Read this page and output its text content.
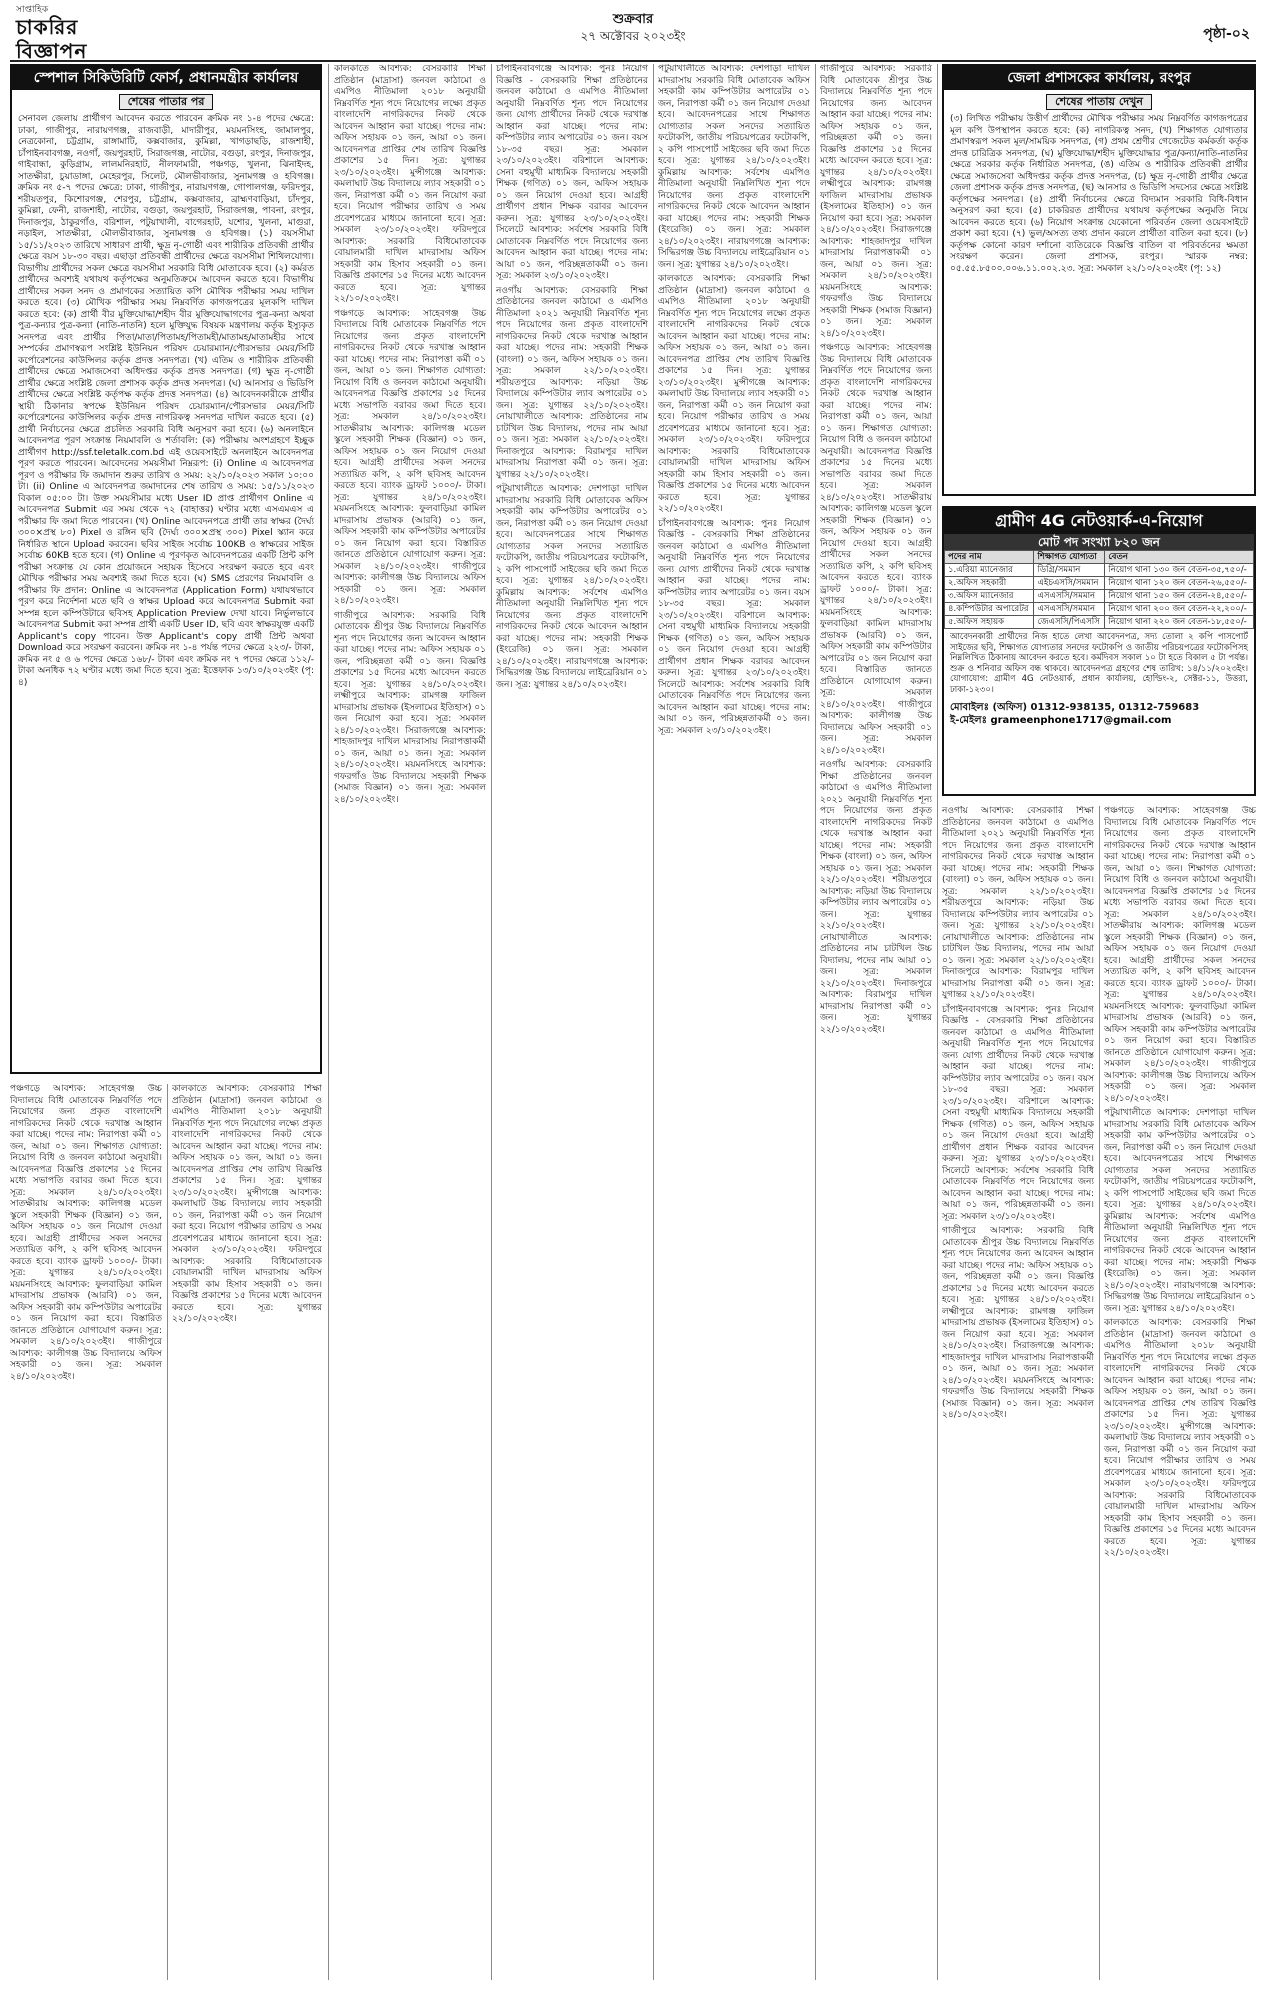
সাপ্তাহিক
চাকরির বিজ্ঞাপন
শুক্রবার
২৭ অক্টোবর ২০২৩ইং	পৃষ্ঠা-০২
স্পেশাল সিকিউরিটি ফোর্স, প্রধানমন্ত্রীর কার্যালয়
শেষের পাতার পর

সেনাবল জেলায় প্রার্থীগণ আবেদন করতে পারবেন ক্রমিক নং ১-৪ পদের ক্ষেত্রে: ঢাকা, গাজীপুর, নারায়ণগঞ্জ, রাজবাড়ী, মাদারীপুর, ময়মনসিংহ, জামালপুর, নেত্রকোনা, চট্টগ্রাম, রাঙ্গামাটি, কক্সবাজার, কুমিল্লা, খাগড়াছড়ি, রাজশাহী, চাঁপাইনবাবগঞ্জ, নওগাঁ, জয়পুরহাট, সিরাজগঞ্জ, নাটোর, বগুড়া, রংপুর, দিনাজপুর, গাইবান্ধা, কুড়িগ্রাম, লালমনিরহাট, নীলফামারী, পঞ্চগড়, খুলনা, ঝিনাইদহ, সাতক্ষীরা, চুয়াডাঙ্গা, মেহেরপুর, সিলেট, মৌলভীবাজার, সুনামগঞ্জ ও হবিগঞ্জ। ক্রমিক নং ৫-৭ পদের ক্ষেত্রে: ঢাকা, গাজীপুর, নারায়ণগঞ্জ, গোপালগঞ্জ, ফরিদপুর, শরীয়তপুর, কিশোরগঞ্জ, শেরপুর, চট্টগ্রাম, কক্সবাজার, ব্রাহ্মণবাড়িয়া, চাঁদপুর, কুমিল্লা, ফেনী, রাজশাহী, নাটোর, বগুড়া, জয়পুরহাট, সিরাজগঞ্জ, পাবনা, রংপুর, দিনাজপুর, ঠাকুরগাঁও, বরিশাল, পটুয়াখালী, বাগেরহাট, যশোর, খুলনা, মাগুরা, নড়াইল, সাতক্ষীরা, মৌলভীবাজার, সুনামগঞ্জ ও হবিগঞ্জ। (১) বয়সসীমা ১৫/১১/২০২৩ তারিখে সাধারণ প্রার্থী, ক্ষুদ্র নৃ-গোষ্ঠী এবং শারীরিক প্রতিবন্ধী প্রার্থীর ক্ষেত্রে বয়স ১৮-৩০ বছর। এছাড়া প্রতিবন্ধী প্রার্থীদের ক্ষেত্রে বয়সসীমা শিথিলযোগ্য। বিভাগীয় প্রার্থীদের সকল ক্ষেত্রে বয়সসীমা সরকারি বিধি মোতাবেক হবে। (২) কর্মরত প্রার্থীদের অবশ্যই যথাযথ কর্তৃপক্ষের অনুমতিক্রমে আবেদন করতে হবে। বিভাগীয় প্রার্থীদের সকল সনদ ও প্রমাণকের সত্যায়িত কপি মৌখিক পরীক্ষার সময় দাখিল করতে হবে। (৩) মৌখিক পরীক্ষার সময় নিম্নবর্ণিত কাগজপত্রের মূলকপি দাখিল করতে হবে: (ক) প্রার্থী বীর মুক্তিযোদ্ধা/শহীদ বীর মুক্তিযোদ্ধাগণের পুত্র-কন্যা অথবা পুত্র-কন্যার পুত্র-কন্যা (নাতি-নাতনি) হলে মুক্তিযুদ্ধ বিষয়ক মন্ত্রণালয় কর্তৃক ইস্যুকৃত সনদপত্র এবং প্রার্থীর পিতা/মাতা/পিতামহ/পিতামহী/মাতামহ/মাতামহীর সাথে সম্পর্কের প্রমাণস্বরূপ সংশ্লিষ্ট ইউনিয়ন পরিষদ চেয়ারম্যান/পৌরসভার মেয়র/সিটি কর্পোরেশনের কাউন্সিলর কর্তৃক প্রদত্ত সনদপত্র। (খ) এতিম ও শারীরিক প্রতিবন্ধী প্রার্থীদের ক্ষেত্রে সমাজসেবা অধিদপ্তর কর্তৃক প্রদত্ত সনদপত্র। (গ) ক্ষুদ্র নৃ-গোষ্ঠী প্রার্থীর ক্ষেত্রে সংশ্লিষ্ট জেলা প্রশাসক কর্তৃক প্রদত্ত সনদপত্র। (ঘ) আনসার ও ভিডিপি প্রার্থীদের ক্ষেত্রে সংশ্লিষ্ট কর্তৃপক্ষ কর্তৃক প্রদত্ত সনদপত্র। (৪) আবেদনকারীকে প্রার্থীর স্থায়ী ঠিকানার স্বপক্ষে ইউনিয়ন পরিষদ চেয়ারম্যান/পৌরসভার মেয়র/সিটি কর্পোরেশনের কাউন্সিলর কর্তৃক প্রদত্ত নাগরিকত্ব সনদপত্র দাখিল করতে হবে। (৫) প্রার্থী নির্বাচনের ক্ষেত্রে প্রচলিত সরকারি বিধি অনুসরণ করা হবে। (৬) অনলাইনে আবেদনপত্র পূরণ সংক্রান্ত নিয়মাবলি ও শর্তাবলি: (ক) পরীক্ষায় অংশগ্রহণে ইচ্ছুক প্রার্থীগণ http://ssf.teletalk.com.bd এই ওয়েবসাইটে অনলাইনে আবেদনপত্র পূরণ করতে পারবেন। আবেদনের সময়সীমা নিম্নরূপ: (i) Online এ আবেদনপত্র পূরণ ও পরীক্ষার ফি জমাদান শুরুর তারিখ ও সময়: ২২/১০/২০২৩ সকাল ১০:০০ টা। (ii) Online এ আবেদনপত্র জমাদানের শেষ তারিখ ও সময়: ১৫/১১/২০২৩ বিকাল ০৫:০০ টা। উক্ত সময়সীমার মধ্যে User ID প্রাপ্ত প্রার্থীগণ Online এ আবেদনপত্র Submit এর সময় থেকে ৭২ (বাহাত্তর) ঘণ্টার মধ্যে এসএমএস এ পরীক্ষার ফি জমা দিতে পারবেন। (খ) Online আবেদনপত্রে প্রার্থী তার স্বাক্ষর (দৈর্ঘ্য ৩০০×প্রস্থ ৮০) Pixel ও রঙ্গিন ছবি (দৈর্ঘ্য ৩০০×প্রস্থ ৩০০) Pixel স্ক্যান করে নির্ধারিত স্থানে Upload করবেন। ছবির সাইজ সর্বোচ্চ 100KB ও স্বাক্ষরের সাইজ সর্বোচ্চ 60KB হতে হবে। (গ) Online এ পূরণকৃত আবেদনপত্রের একটি প্রিন্ট কপি পরীক্ষা সংক্রান্ত যে কোন প্রয়োজনে সহায়ক হিসেবে সংরক্ষণ করতে হবে এবং মৌখিক পরীক্ষার সময় অবশ্যই জমা দিতে হবে। (ঘ) SMS প্রেরণের নিয়মাবলি ও পরীক্ষার ফি প্রদান: Online এ আবেদনপত্র (Application Form) যথাযথভাবে পূরণ করে নির্দেশনা মতে ছবি ও স্বাক্ষর Upload করে আবেদনপত্র Submit করা সম্পন্ন হলে কম্পিউটারে ছবিসহ Application Preview দেখা যাবে। নির্ভুলভাবে আবেদনপত্র Submit করা সম্পন্ন প্রার্থী একটি User ID, ছবি এবং স্বাক্ষরযুক্ত একটি Applicant's copy পাবেন। উক্ত Applicant's copy প্রার্থী প্রিন্ট অথবা Download করে সংরক্ষণ করবেন। ক্রমিক নং ১-৪ পর্যন্ত পদের ক্ষেত্রে ২২৩/- টাকা, ক্রমিক নং ৫ ও ৬ পদের ক্ষেত্রে ১৬৮/- টাকা এবং ক্রমিক নং ৭ পদের ক্ষেত্রে ১১২/- টাকা অনধিক ৭২ ঘণ্টার মধ্যে জমা দিতে হবে। সুত্র: ইত্তেফাক ১৩/১০/২০২৩ইং (পৃ: ৪)

পঞ্চগড়ে আবশ্যক: সাহেবগঞ্জ উচ্চ বিদ্যালয়ে বিধি মোতাবেক নিম্নবর্ণিত পদে নিয়োগের জন্য প্রকৃত বাংলাদেশি নাগরিকদের নিকট থেকে দরখাস্ত আহ্বান করা যাচ্ছে। পদের নাম: নিরাপত্তা কর্মী ০১ জন, আয়া ০১ জন। শিক্ষাগত যোগ্যতা: নিয়োগ বিধি ও জনবল কাঠামো অনুযায়ী। আবেদনপত্র বিজ্ঞপ্তি প্রকাশের ১৫ দিনের মধ্যে সভাপতি বরাবর জমা দিতে হবে। সূত্র: সমকাল ২৪/১০/২০২৩ইং। সাতক্ষীরায় আবশ্যক: কালিগঞ্জ মডেল স্কুলে সহকারী শিক্ষক (বিজ্ঞান) ০১ জন, অফিস সহায়ক ০১ জন নিয়োগ দেওয়া হবে। আগ্রহী প্রার্থীদের সকল সনদের সত্যায়িত কপি, ২ কপি ছবিসহ আবেদন করতে হবে। ব্যাংক ড্রাফট ১০০০/- টাকা। সূত্র: যুগান্তর ২৪/১০/২০২৩ইং। ময়মনসিংহে আবশ্যক: ফুলবাড়িয়া কামিল মাদরাসায় প্রভাষক (আরবি) ০১ জন, অফিস সহকারী কাম কম্পিউটার অপারেটর ০১ জন নিয়োগ করা হবে। বিস্তারিত জানতে প্রতিষ্ঠানে যোগাযোগ করুন। সূত্র: সমকাল ২৪/১০/২০২৩ইং। গাজীপুরে আবশ্যক: কালীগঞ্জ উচ্চ বিদ্যালয়ে অফিস সহকারী ০১ জন। সূত্র: সমকাল ২৪/১০/২০২৩ইং।

কালকাতে আবশ্যক: বেসরকারি শিক্ষা প্রতিষ্ঠান (মাদ্রাসা) জনবল কাঠামো ও এমপিও নীতিমালা ২০১৮ অনুযায়ী নিম্নবর্ণিত শূন্য পদে নিয়োগের লক্ষ্যে প্রকৃত বাংলাদেশি নাগরিকদের নিকট থেকে আবেদন আহ্বান করা যাচ্ছে। পদের নাম: অফিস সহায়ক ০১ জন, আয়া ০১ জন। আবেদনপত্র প্রাপ্তির শেষ তারিখ বিজ্ঞপ্তি প্রকাশের ১৫ দিন। সূত্র: যুগান্তর ২৩/১০/২০২৩ইং। মুন্সীগঞ্জে আবশ্যক: কমলাঘাট উচ্চ বিদ্যালয়ে ল্যাব সহকারী ০১ জন, নিরাপত্তা কর্মী ০১ জন নিয়োগ করা হবে। নিয়োগ পরীক্ষার তারিখ ও সময় প্রবেশপত্রের মাধ্যমে জানানো হবে। সূত্র: সমকাল ২৩/১০/২০২৩ইং। ফরিদপুরে আবশ্যক: সরকারি বিধিমোতাবেক বোয়ালমারী দাখিল মাদরাসায় অফিস সহকারী কাম হিসাব সহকারী ০১ জন। বিজ্ঞপ্তি প্রকাশের ১৫ দিনের মধ্যে আবেদন করতে হবে। সূত্র: যুগান্তর ২২/১০/২০২৩ইং।

কালকাতে আবশ্যক: বেসরকারি শিক্ষা প্রতিষ্ঠান (মাদ্রাসা) জনবল কাঠামো ও এমপিও নীতিমালা ২০১৮ অনুযায়ী নিম্নবর্ণিত শূন্য পদে নিয়োগের লক্ষ্যে প্রকৃত বাংলাদেশি নাগরিকদের নিকট থেকে আবেদন আহ্বান করা যাচ্ছে। পদের নাম: অফিস সহায়ক ০১ জন, আয়া ০১ জন। আবেদনপত্র প্রাপ্তির শেষ তারিখ বিজ্ঞপ্তি প্রকাশের ১৫ দিন। সূত্র: যুগান্তর ২৩/১০/২০২৩ইং। মুন্সীগঞ্জে আবশ্যক: কমলাঘাট উচ্চ বিদ্যালয়ে ল্যাব সহকারী ০১ জন, নিরাপত্তা কর্মী ০১ জন নিয়োগ করা হবে। নিয়োগ পরীক্ষার তারিখ ও সময় প্রবেশপত্রের মাধ্যমে জানানো হবে। সূত্র: সমকাল ২৩/১০/২০২৩ইং। ফরিদপুরে আবশ্যক: সরকারি বিধিমোতাবেক বোয়ালমারী দাখিল মাদরাসায় অফিস সহকারী কাম হিসাব সহকারী ০১ জন। বিজ্ঞপ্তি প্রকাশের ১৫ দিনের মধ্যে আবেদন করতে হবে। সূত্র: যুগান্তর ২২/১০/২০২৩ইং।

পঞ্চগড়ে আবশ্যক: সাহেবগঞ্জ উচ্চ বিদ্যালয়ে বিধি মোতাবেক নিম্নবর্ণিত পদে নিয়োগের জন্য প্রকৃত বাংলাদেশি নাগরিকদের নিকট থেকে দরখাস্ত আহ্বান করা যাচ্ছে। পদের নাম: নিরাপত্তা কর্মী ০১ জন, আয়া ০১ জন। শিক্ষাগত যোগ্যতা: নিয়োগ বিধি ও জনবল কাঠামো অনুযায়ী। আবেদনপত্র বিজ্ঞপ্তি প্রকাশের ১৫ দিনের মধ্যে সভাপতি বরাবর জমা দিতে হবে। সূত্র: সমকাল ২৪/১০/২০২৩ইং। সাতক্ষীরায় আবশ্যক: কালিগঞ্জ মডেল স্কুলে সহকারী শিক্ষক (বিজ্ঞান) ০১ জন, অফিস সহায়ক ০১ জন নিয়োগ দেওয়া হবে। আগ্রহী প্রার্থীদের সকল সনদের সত্যায়িত কপি, ২ কপি ছবিসহ আবেদন করতে হবে। ব্যাংক ড্রাফট ১০০০/- টাকা। সূত্র: যুগান্তর ২৪/১০/২০২৩ইং। ময়মনসিংহে আবশ্যক: ফুলবাড়িয়া কামিল মাদরাসায় প্রভাষক (আরবি) ০১ জন, অফিস সহকারী কাম কম্পিউটার অপারেটর ০১ জন নিয়োগ করা হবে। বিস্তারিত জানতে প্রতিষ্ঠানে যোগাযোগ করুন। সূত্র: সমকাল ২৪/১০/২০২৩ইং। গাজীপুরে আবশ্যক: কালীগঞ্জ উচ্চ বিদ্যালয়ে অফিস সহকারী ০১ জন। সূত্র: সমকাল ২৪/১০/২০২৩ইং।

গাজীপুরে আবশ্যক: সরকারি বিধি মোতাবেক শ্রীপুর উচ্চ বিদ্যালয়ে নিম্নবর্ণিত শূন্য পদে নিয়োগের জন্য আবেদন আহ্বান করা যাচ্ছে। পদের নাম: অফিস সহায়ক ০১ জন, পরিচ্ছন্নতা কর্মী ০১ জন। বিজ্ঞপ্তি প্রকাশের ১৫ দিনের মধ্যে আবেদন করতে হবে। সূত্র: যুগান্তর ২৪/১০/২০২৩ইং। লক্ষ্মীপুরে আবশ্যক: রামগঞ্জ ফাজিল মাদরাসায় প্রভাষক (ইসলামের ইতিহাস) ০১ জন নিয়োগ করা হবে। সূত্র: সমকাল ২৪/১০/২০২৩ইং। সিরাজগঞ্জে আবশ্যক: শাহজাদপুর দাখিল মাদরাসায় নিরাপত্তাকর্মী ০১ জন, আয়া ০১ জন। সূত্র: সমকাল ২৪/১০/২০২৩ইং। ময়মনসিংহে আবশ্যক: গফরগাঁও উচ্চ বিদ্যালয়ে সহকারী শিক্ষক (সমাজ বিজ্ঞান) ০১ জন। সূত্র: সমকাল ২৪/১০/২০২৩ইং।

চাঁপাইনবাবগঞ্জে আবশ্যক: পুনঃ নিয়োগ বিজ্ঞপ্তি - বেসরকারি শিক্ষা প্রতিষ্ঠানের জনবল কাঠামো ও এমপিও নীতিমালা অনুযায়ী নিম্নবর্ণিত শূন্য পদে নিয়োগের জন্য যোগ্য প্রার্থীদের নিকট থেকে দরখাস্ত আহ্বান করা যাচ্ছে। পদের নাম: কম্পিউটার ল্যাব অপারেটর ০১ জন। বয়স ১৮-৩৫ বছর। সূত্র: সমকাল ২৩/১০/২০২৩ইং। বরিশালে আবশ্যক: সেনা বহুমুখী মাধ্যমিক বিদ্যালয়ে সহকারী শিক্ষক (গণিত) ০১ জন, অফিস সহায়ক ০১ জন নিয়োগ দেওয়া হবে। আগ্রহী প্রার্থীগণ প্রধান শিক্ষক বরাবর আবেদন করুন। সূত্র: যুগান্তর ২৩/১০/২০২৩ইং। সিলেটে আবশ্যক: সর্বশেষ সরকারি বিধি মোতাবেক নিম্নবর্ণিত পদে নিয়োগের জন্য আবেদন আহ্বান করা যাচ্ছে। পদের নাম: আয়া ০১ জন, পরিচ্ছন্নতাকর্মী ০১ জন। সূত্র: সমকাল ২৩/১০/২০২৩ইং।

নওগাঁয় আবশ্যক: বেসরকারি শিক্ষা প্রতিষ্ঠানের জনবল কাঠামো ও এমপিও নীতিমালা ২০২১ অনুযায়ী নিম্নবর্ণিত শূন্য পদে নিয়োগের জন্য প্রকৃত বাংলাদেশি নাগরিকদের নিকট থেকে দরখাস্ত আহ্বান করা যাচ্ছে। পদের নাম: সহকারী শিক্ষক (বাংলা) ০১ জন, অফিস সহায়ক ০১ জন। সূত্র: সমকাল ২২/১০/২০২৩ইং। শরীয়তপুরে আবশ্যক: নড়িয়া উচ্চ বিদ্যালয়ে কম্পিউটার ল্যাব অপারেটর ০১ জন। সূত্র: যুগান্তর ২২/১০/২০২৩ইং। নোয়াখালীতে আবশ্যক: প্রতিষ্ঠানের নাম চাটখিল উচ্চ বিদ্যালয়, পদের নাম আয়া ০১ জন। সূত্র: সমকাল ২২/১০/২০২৩ইং। দিনাজপুরে আবশ্যক: বিরামপুর দাখিল মাদরাসায় নিরাপত্তা কর্মী ০১ জন। সূত্র: যুগান্তর ২২/১০/২০২৩ইং।

পটুয়াখালীতে আবশ্যক: দেশপাড়া দাখিল মাদরাসায় সরকারি বিধি মোতাবেক অফিস সহকারী কাম কম্পিউটার অপারেটর ০১ জন, নিরাপত্তা কর্মী ০১ জন নিয়োগ দেওয়া হবে। আবেদনপত্রের সাথে শিক্ষাগত যোগ্যতার সকল সনদের সত্যায়িত ফটোকপি, জাতীয় পরিচয়পত্রের ফটোকপি, ২ কপি পাসপোর্ট সাইজের ছবি জমা দিতে হবে। সূত্র: যুগান্তর ২৪/১০/২০২৩ইং। কুমিল্লায় আবশ্যক: সর্বশেষ এমপিও নীতিমালা অনুযায়ী নিম্নলিখিত শূন্য পদে নিয়োগের জন্য প্রকৃত বাংলাদেশি নাগরিকদের নিকট থেকে আবেদন আহ্বান করা যাচ্ছে। পদের নাম: সহকারী শিক্ষক (ইংরেজি) ০১ জন। সূত্র: সমকাল ২৪/১০/২০২৩ইং। নারায়ণগঞ্জে আবশ্যক: সিদ্ধিরগঞ্জ উচ্চ বিদ্যালয়ে লাইব্রেরিয়ান ০১ জন। সূত্র: যুগান্তর ২৪/১০/২০২৩ইং।

পটুয়াখালীতে আবশ্যক: দেশপাড়া দাখিল মাদরাসায় সরকারি বিধি মোতাবেক অফিস সহকারী কাম কম্পিউটার অপারেটর ০১ জন, নিরাপত্তা কর্মী ০১ জন নিয়োগ দেওয়া হবে। আবেদনপত্রের সাথে শিক্ষাগত যোগ্যতার সকল সনদের সত্যায়িত ফটোকপি, জাতীয় পরিচয়পত্রের ফটোকপি, ২ কপি পাসপোর্ট সাইজের ছবি জমা দিতে হবে। সূত্র: যুগান্তর ২৪/১০/২০২৩ইং। কুমিল্লায় আবশ্যক: সর্বশেষ এমপিও নীতিমালা অনুযায়ী নিম্নলিখিত শূন্য পদে নিয়োগের জন্য প্রকৃত বাংলাদেশি নাগরিকদের নিকট থেকে আবেদন আহ্বান করা যাচ্ছে। পদের নাম: সহকারী শিক্ষক (ইংরেজি) ০১ জন। সূত্র: সমকাল ২৪/১০/২০২৩ইং। নারায়ণগঞ্জে আবশ্যক: সিদ্ধিরগঞ্জ উচ্চ বিদ্যালয়ে লাইব্রেরিয়ান ০১ জন। সূত্র: যুগান্তর ২৪/১০/২০২৩ইং।

কালকাতে আবশ্যক: বেসরকারি শিক্ষা প্রতিষ্ঠান (মাদ্রাসা) জনবল কাঠামো ও এমপিও নীতিমালা ২০১৮ অনুযায়ী নিম্নবর্ণিত শূন্য পদে নিয়োগের লক্ষ্যে প্রকৃত বাংলাদেশি নাগরিকদের নিকট থেকে আবেদন আহ্বান করা যাচ্ছে। পদের নাম: অফিস সহায়ক ০১ জন, আয়া ০১ জন। আবেদনপত্র প্রাপ্তির শেষ তারিখ বিজ্ঞপ্তি প্রকাশের ১৫ দিন। সূত্র: যুগান্তর ২৩/১০/২০২৩ইং। মুন্সীগঞ্জে আবশ্যক: কমলাঘাট উচ্চ বিদ্যালয়ে ল্যাব সহকারী ০১ জন, নিরাপত্তা কর্মী ০১ জন নিয়োগ করা হবে। নিয়োগ পরীক্ষার তারিখ ও সময় প্রবেশপত্রের মাধ্যমে জানানো হবে। সূত্র: সমকাল ২৩/১০/২০২৩ইং। ফরিদপুরে আবশ্যক: সরকারি বিধিমোতাবেক বোয়ালমারী দাখিল মাদরাসায় অফিস সহকারী কাম হিসাব সহকারী ০১ জন। বিজ্ঞপ্তি প্রকাশের ১৫ দিনের মধ্যে আবেদন করতে হবে। সূত্র: যুগান্তর ২২/১০/২০২৩ইং।

চাঁপাইনবাবগঞ্জে আবশ্যক: পুনঃ নিয়োগ বিজ্ঞপ্তি - বেসরকারি শিক্ষা প্রতিষ্ঠানের জনবল কাঠামো ও এমপিও নীতিমালা অনুযায়ী নিম্নবর্ণিত শূন্য পদে নিয়োগের জন্য যোগ্য প্রার্থীদের নিকট থেকে দরখাস্ত আহ্বান করা যাচ্ছে। পদের নাম: কম্পিউটার ল্যাব অপারেটর ০১ জন। বয়স ১৮-৩৫ বছর। সূত্র: সমকাল ২৩/১০/২০২৩ইং। বরিশালে আবশ্যক: সেনা বহুমুখী মাধ্যমিক বিদ্যালয়ে সহকারী শিক্ষক (গণিত) ০১ জন, অফিস সহায়ক ০১ জন নিয়োগ দেওয়া হবে। আগ্রহী প্রার্থীগণ প্রধান শিক্ষক বরাবর আবেদন করুন। সূত্র: যুগান্তর ২৩/১০/২০২৩ইং। সিলেটে আবশ্যক: সর্বশেষ সরকারি বিধি মোতাবেক নিম্নবর্ণিত পদে নিয়োগের জন্য আবেদন আহ্বান করা যাচ্ছে। পদের নাম: আয়া ০১ জন, পরিচ্ছন্নতাকর্মী ০১ জন। সূত্র: সমকাল ২৩/১০/২০২৩ইং।

গাজীপুরে আবশ্যক: সরকারি বিধি মোতাবেক শ্রীপুর উচ্চ বিদ্যালয়ে নিম্নবর্ণিত শূন্য পদে নিয়োগের জন্য আবেদন আহ্বান করা যাচ্ছে। পদের নাম: অফিস সহায়ক ০১ জন, পরিচ্ছন্নতা কর্মী ০১ জন। বিজ্ঞপ্তি প্রকাশের ১৫ দিনের মধ্যে আবেদন করতে হবে। সূত্র: যুগান্তর ২৪/১০/২০২৩ইং। লক্ষ্মীপুরে আবশ্যক: রামগঞ্জ ফাজিল মাদরাসায় প্রভাষক (ইসলামের ইতিহাস) ০১ জন নিয়োগ করা হবে। সূত্র: সমকাল ২৪/১০/২০২৩ইং। সিরাজগঞ্জে আবশ্যক: শাহজাদপুর দাখিল মাদরাসায় নিরাপত্তাকর্মী ০১ জন, আয়া ০১ জন। সূত্র: সমকাল ২৪/১০/২০২৩ইং। ময়মনসিংহে আবশ্যক: গফরগাঁও উচ্চ বিদ্যালয়ে সহকারী শিক্ষক (সমাজ বিজ্ঞান) ০১ জন। সূত্র: সমকাল ২৪/১০/২০২৩ইং।

পঞ্চগড়ে আবশ্যক: সাহেবগঞ্জ উচ্চ বিদ্যালয়ে বিধি মোতাবেক নিম্নবর্ণিত পদে নিয়োগের জন্য প্রকৃত বাংলাদেশি নাগরিকদের নিকট থেকে দরখাস্ত আহ্বান করা যাচ্ছে। পদের নাম: নিরাপত্তা কর্মী ০১ জন, আয়া ০১ জন। শিক্ষাগত যোগ্যতা: নিয়োগ বিধি ও জনবল কাঠামো অনুযায়ী। আবেদনপত্র বিজ্ঞপ্তি প্রকাশের ১৫ দিনের মধ্যে সভাপতি বরাবর জমা দিতে হবে। সূত্র: সমকাল ২৪/১০/২০২৩ইং। সাতক্ষীরায় আবশ্যক: কালিগঞ্জ মডেল স্কুলে সহকারী শিক্ষক (বিজ্ঞান) ০১ জন, অফিস সহায়ক ০১ জন নিয়োগ দেওয়া হবে। আগ্রহী প্রার্থীদের সকল সনদের সত্যায়িত কপি, ২ কপি ছবিসহ আবেদন করতে হবে। ব্যাংক ড্রাফট ১০০০/- টাকা। সূত্র: যুগান্তর ২৪/১০/২০২৩ইং। ময়মনসিংহে আবশ্যক: ফুলবাড়িয়া কামিল মাদরাসায় প্রভাষক (আরবি) ০১ জন, অফিস সহকারী কাম কম্পিউটার অপারেটর ০১ জন নিয়োগ করা হবে। বিস্তারিত জানতে প্রতিষ্ঠানে যোগাযোগ করুন। সূত্র: সমকাল ২৪/১০/২০২৩ইং। গাজীপুরে আবশ্যক: কালীগঞ্জ উচ্চ বিদ্যালয়ে অফিস সহকারী ০১ জন। সূত্র: সমকাল ২৪/১০/২০২৩ইং।

নওগাঁয় আবশ্যক: বেসরকারি শিক্ষা প্রতিষ্ঠানের জনবল কাঠামো ও এমপিও নীতিমালা ২০২১ অনুযায়ী নিম্নবর্ণিত শূন্য পদে নিয়োগের জন্য প্রকৃত বাংলাদেশি নাগরিকদের নিকট থেকে দরখাস্ত আহ্বান করা যাচ্ছে। পদের নাম: সহকারী শিক্ষক (বাংলা) ০১ জন, অফিস সহায়ক ০১ জন। সূত্র: সমকাল ২২/১০/২০২৩ইং। শরীয়তপুরে আবশ্যক: নড়িয়া উচ্চ বিদ্যালয়ে কম্পিউটার ল্যাব অপারেটর ০১ জন। সূত্র: যুগান্তর ২২/১০/২০২৩ইং। নোয়াখালীতে আবশ্যক: প্রতিষ্ঠানের নাম চাটখিল উচ্চ বিদ্যালয়, পদের নাম আয়া ০১ জন। সূত্র: সমকাল ২২/১০/২০২৩ইং। দিনাজপুরে আবশ্যক: বিরামপুর দাখিল মাদরাসায় নিরাপত্তা কর্মী ০১ জন। সূত্র: যুগান্তর ২২/১০/২০২৩ইং।

জেলা প্রশাসকের কার্যালয়, রংপুর
শেষের পাতায় দেখুন

(৩) লিখিত পরীক্ষায় উত্তীর্ণ প্রার্থীদের মৌখিক পরীক্ষার সময় নিম্নবর্ণিত কাগজপত্রের মূল কপি উপস্থাপন করতে হবে: (ক) নাগরিকত্ব সনদ, (খ) শিক্ষাগত যোগ্যতার প্রমাণস্বরূপ সকল মূল/সাময়িক সনদপত্র, (গ) প্রথম শ্রেণীর গেজেটেড কর্মকর্তা কর্তৃক প্রদত্ত চারিত্রিক সনদপত্র, (ঘ) মুক্তিযোদ্ধা/শহীদ মুক্তিযোদ্ধার পুত্র/কন্যা/নাতি-নাতনির ক্ষেত্রে সরকার কর্তৃক নির্ধারিত সনদপত্র, (ঙ) এতিম ও শারীরিক প্রতিবন্ধী প্রার্থীর ক্ষেত্রে সমাজসেবা অধিদপ্তর কর্তৃক প্রদত্ত সনদপত্র, (চ) ক্ষুদ্র নৃ-গোষ্ঠী প্রার্থীর ক্ষেত্রে জেলা প্রশাসক কর্তৃক প্রদত্ত সনদপত্র, (ছ) আনসার ও ভিডিপি সদস্যের ক্ষেত্রে সংশ্লিষ্ট কর্তৃপক্ষের সনদপত্র। (৪) প্রার্থী নির্বাচনের ক্ষেত্রে বিদ্যমান সরকারি বিধি-বিধান অনুসরণ করা হবে। (৫) চাকরিরত প্রার্থীদের যথাযথ কর্তৃপক্ষের অনুমতি নিয়ে আবেদন করতে হবে। (৬) নিয়োগ সংক্রান্ত যেকোনো পরিবর্তন জেলা ওয়েবসাইটে প্রকাশ করা হবে। (৭) ভুল/অসত্য তথ্য প্রদান করলে প্রার্থীতা বাতিল করা হবে। (৮) কর্তৃপক্ষ কোনো কারণ দর্শানো ব্যতিরেকে বিজ্ঞপ্তি বাতিল বা পরিবর্তনের ক্ষমতা সংরক্ষণ করেন। জেলা প্রশাসক, রংপুর। স্মারক নম্বর: ০৫.৫৫.৮৫০০.০০৬.১১.০০২.২৩. সূত্র: সমকাল ২২/১০/২০২৩ইং (পৃ: ১২)

গ্রামীণ 4G নেটওয়ার্ক-এ-নিয়োগ
মোট পদ সংখ্যা ৮২০ জন
পদের নাম	শিক্ষাগত যোগ্যতা	বেতন
১.এরিয়া ম্যানেজার	ডিগ্রি/সমমান	নিয়োগ থানা ১৩০ জন বেতন-৩৫,৭৫০/-
২.অফিস সহকারী	এইচএসসি/সমমান	নিয়োগ থানা ১২০ জন বেতন-২৬,৫৫০/-
৩.অফিস ম্যানেজার	এসএসসি/সমমান	নিয়োগ থানা ১৫০ জন বেতন-২৪,৫৫০/-
৪.কম্পিউটার অপারেটর	এসএসসি/সমমান	নিয়োগ থানা ২০০ জন বেতন-২২,২০০/-
৫.অফিস সহায়ক	জেএসসি/পিএসসি	নিয়োগ থানা ২২০ জন বেতন-১৮,৫৫০/-
আবেদনকারী প্রার্থীদের নিজ হাতে লেখা আবেদনপত্র, সদ্য তোলা ২ কপি পাসপোর্ট সাইজের ছবি, শিক্ষাগত যোগ্যতার সনদের ফটোকপি ও জাতীয় পরিচয়পত্রের ফটোকপিসহ নিম্নলিখিত ঠিকানায় আবেদন করতে হবে। কর্মদিবস সকাল ১০ টা হতে বিকাল ৫ টা পর্যন্ত। শুক্র ও শনিবার অফিস বন্ধ থাকবে। আবেদনপত্র গ্রহণের শেষ তারিখ: ১৪/১১/২০২৩ইং। যোগাযোগ: গ্রামীণ 4G নেটওয়ার্ক, প্রধান কার্যালয়, হোল্ডিং-২, সেক্টর-১১, উত্তরা, ঢাকা-১২৩০।
মোবাইলঃ (অফিস) 01312-938135, 01312-759683
ই-মেইলঃ grameenphone1717@gmail.com

নওগাঁয় আবশ্যক: বেসরকারি শিক্ষা প্রতিষ্ঠানের জনবল কাঠামো ও এমপিও নীতিমালা ২০২১ অনুযায়ী নিম্নবর্ণিত শূন্য পদে নিয়োগের জন্য প্রকৃত বাংলাদেশি নাগরিকদের নিকট থেকে দরখাস্ত আহ্বান করা যাচ্ছে। পদের নাম: সহকারী শিক্ষক (বাংলা) ০১ জন, অফিস সহায়ক ০১ জন। সূত্র: সমকাল ২২/১০/২০২৩ইং। শরীয়তপুরে আবশ্যক: নড়িয়া উচ্চ বিদ্যালয়ে কম্পিউটার ল্যাব অপারেটর ০১ জন। সূত্র: যুগান্তর ২২/১০/২০২৩ইং। নোয়াখালীতে আবশ্যক: প্রতিষ্ঠানের নাম চাটখিল উচ্চ বিদ্যালয়, পদের নাম আয়া ০১ জন। সূত্র: সমকাল ২২/১০/২০২৩ইং। দিনাজপুরে আবশ্যক: বিরামপুর দাখিল মাদরাসায় নিরাপত্তা কর্মী ০১ জন। সূত্র: যুগান্তর ২২/১০/২০২৩ইং।

চাঁপাইনবাবগঞ্জে আবশ্যক: পুনঃ নিয়োগ বিজ্ঞপ্তি - বেসরকারি শিক্ষা প্রতিষ্ঠানের জনবল কাঠামো ও এমপিও নীতিমালা অনুযায়ী নিম্নবর্ণিত শূন্য পদে নিয়োগের জন্য যোগ্য প্রার্থীদের নিকট থেকে দরখাস্ত আহ্বান করা যাচ্ছে। পদের নাম: কম্পিউটার ল্যাব অপারেটর ০১ জন। বয়স ১৮-৩৫ বছর। সূত্র: সমকাল ২৩/১০/২০২৩ইং। বরিশালে আবশ্যক: সেনা বহুমুখী মাধ্যমিক বিদ্যালয়ে সহকারী শিক্ষক (গণিত) ০১ জন, অফিস সহায়ক ০১ জন নিয়োগ দেওয়া হবে। আগ্রহী প্রার্থীগণ প্রধান শিক্ষক বরাবর আবেদন করুন। সূত্র: যুগান্তর ২৩/১০/২০২৩ইং। সিলেটে আবশ্যক: সর্বশেষ সরকারি বিধি মোতাবেক নিম্নবর্ণিত পদে নিয়োগের জন্য আবেদন আহ্বান করা যাচ্ছে। পদের নাম: আয়া ০১ জন, পরিচ্ছন্নতাকর্মী ০১ জন। সূত্র: সমকাল ২৩/১০/২০২৩ইং।

গাজীপুরে আবশ্যক: সরকারি বিধি মোতাবেক শ্রীপুর উচ্চ বিদ্যালয়ে নিম্নবর্ণিত শূন্য পদে নিয়োগের জন্য আবেদন আহ্বান করা যাচ্ছে। পদের নাম: অফিস সহায়ক ০১ জন, পরিচ্ছন্নতা কর্মী ০১ জন। বিজ্ঞপ্তি প্রকাশের ১৫ দিনের মধ্যে আবেদন করতে হবে। সূত্র: যুগান্তর ২৪/১০/২০২৩ইং। লক্ষ্মীপুরে আবশ্যক: রামগঞ্জ ফাজিল মাদরাসায় প্রভাষক (ইসলামের ইতিহাস) ০১ জন নিয়োগ করা হবে। সূত্র: সমকাল ২৪/১০/২০২৩ইং। সিরাজগঞ্জে আবশ্যক: শাহজাদপুর দাখিল মাদরাসায় নিরাপত্তাকর্মী ০১ জন, আয়া ০১ জন। সূত্র: সমকাল ২৪/১০/২০২৩ইং। ময়মনসিংহে আবশ্যক: গফরগাঁও উচ্চ বিদ্যালয়ে সহকারী শিক্ষক (সমাজ বিজ্ঞান) ০১ জন। সূত্র: সমকাল ২৪/১০/২০২৩ইং।

পঞ্চগড়ে আবশ্যক: সাহেবগঞ্জ উচ্চ বিদ্যালয়ে বিধি মোতাবেক নিম্নবর্ণিত পদে নিয়োগের জন্য প্রকৃত বাংলাদেশি নাগরিকদের নিকট থেকে দরখাস্ত আহ্বান করা যাচ্ছে। পদের নাম: নিরাপত্তা কর্মী ০১ জন, আয়া ০১ জন। শিক্ষাগত যোগ্যতা: নিয়োগ বিধি ও জনবল কাঠামো অনুযায়ী। আবেদনপত্র বিজ্ঞপ্তি প্রকাশের ১৫ দিনের মধ্যে সভাপতি বরাবর জমা দিতে হবে। সূত্র: সমকাল ২৪/১০/২০২৩ইং। সাতক্ষীরায় আবশ্যক: কালিগঞ্জ মডেল স্কুলে সহকারী শিক্ষক (বিজ্ঞান) ০১ জন, অফিস সহায়ক ০১ জন নিয়োগ দেওয়া হবে। আগ্রহী প্রার্থীদের সকল সনদের সত্যায়িত কপি, ২ কপি ছবিসহ আবেদন করতে হবে। ব্যাংক ড্রাফট ১০০০/- টাকা। সূত্র: যুগান্তর ২৪/১০/২০২৩ইং। ময়মনসিংহে আবশ্যক: ফুলবাড়িয়া কামিল মাদরাসায় প্রভাষক (আরবি) ০১ জন, অফিস সহকারী কাম কম্পিউটার অপারেটর ০১ জন নিয়োগ করা হবে। বিস্তারিত জানতে প্রতিষ্ঠানে যোগাযোগ করুন। সূত্র: সমকাল ২৪/১০/২০২৩ইং। গাজীপুরে আবশ্যক: কালীগঞ্জ উচ্চ বিদ্যালয়ে অফিস সহকারী ০১ জন। সূত্র: সমকাল ২৪/১০/২০২৩ইং।

পটুয়াখালীতে আবশ্যক: দেশপাড়া দাখিল মাদরাসায় সরকারি বিধি মোতাবেক অফিস সহকারী কাম কম্পিউটার অপারেটর ০১ জন, নিরাপত্তা কর্মী ০১ জন নিয়োগ দেওয়া হবে। আবেদনপত্রের সাথে শিক্ষাগত যোগ্যতার সকল সনদের সত্যায়িত ফটোকপি, জাতীয় পরিচয়পত্রের ফটোকপি, ২ কপি পাসপোর্ট সাইজের ছবি জমা দিতে হবে। সূত্র: যুগান্তর ২৪/১০/২০২৩ইং। কুমিল্লায় আবশ্যক: সর্বশেষ এমপিও নীতিমালা অনুযায়ী নিম্নলিখিত শূন্য পদে নিয়োগের জন্য প্রকৃত বাংলাদেশি নাগরিকদের নিকট থেকে আবেদন আহ্বান করা যাচ্ছে। পদের নাম: সহকারী শিক্ষক (ইংরেজি) ০১ জন। সূত্র: সমকাল ২৪/১০/২০২৩ইং। নারায়ণগঞ্জে আবশ্যক: সিদ্ধিরগঞ্জ উচ্চ বিদ্যালয়ে লাইব্রেরিয়ান ০১ জন। সূত্র: যুগান্তর ২৪/১০/২০২৩ইং।

কালকাতে আবশ্যক: বেসরকারি শিক্ষা প্রতিষ্ঠান (মাদ্রাসা) জনবল কাঠামো ও এমপিও নীতিমালা ২০১৮ অনুযায়ী নিম্নবর্ণিত শূন্য পদে নিয়োগের লক্ষ্যে প্রকৃত বাংলাদেশি নাগরিকদের নিকট থেকে আবেদন আহ্বান করা যাচ্ছে। পদের নাম: অফিস সহায়ক ০১ জন, আয়া ০১ জন। আবেদনপত্র প্রাপ্তির শেষ তারিখ বিজ্ঞপ্তি প্রকাশের ১৫ দিন। সূত্র: যুগান্তর ২৩/১০/২০২৩ইং। মুন্সীগঞ্জে আবশ্যক: কমলাঘাট উচ্চ বিদ্যালয়ে ল্যাব সহকারী ০১ জন, নিরাপত্তা কর্মী ০১ জন নিয়োগ করা হবে। নিয়োগ পরীক্ষার তারিখ ও সময় প্রবেশপত্রের মাধ্যমে জানানো হবে। সূত্র: সমকাল ২৩/১০/২০২৩ইং। ফরিদপুরে আবশ্যক: সরকারি বিধিমোতাবেক বোয়ালমারী দাখিল মাদরাসায় অফিস সহকারী কাম হিসাব সহকারী ০১ জন। বিজ্ঞপ্তি প্রকাশের ১৫ দিনের মধ্যে আবেদন করতে হবে। সূত্র: যুগান্তর ২২/১০/২০২৩ইং।
